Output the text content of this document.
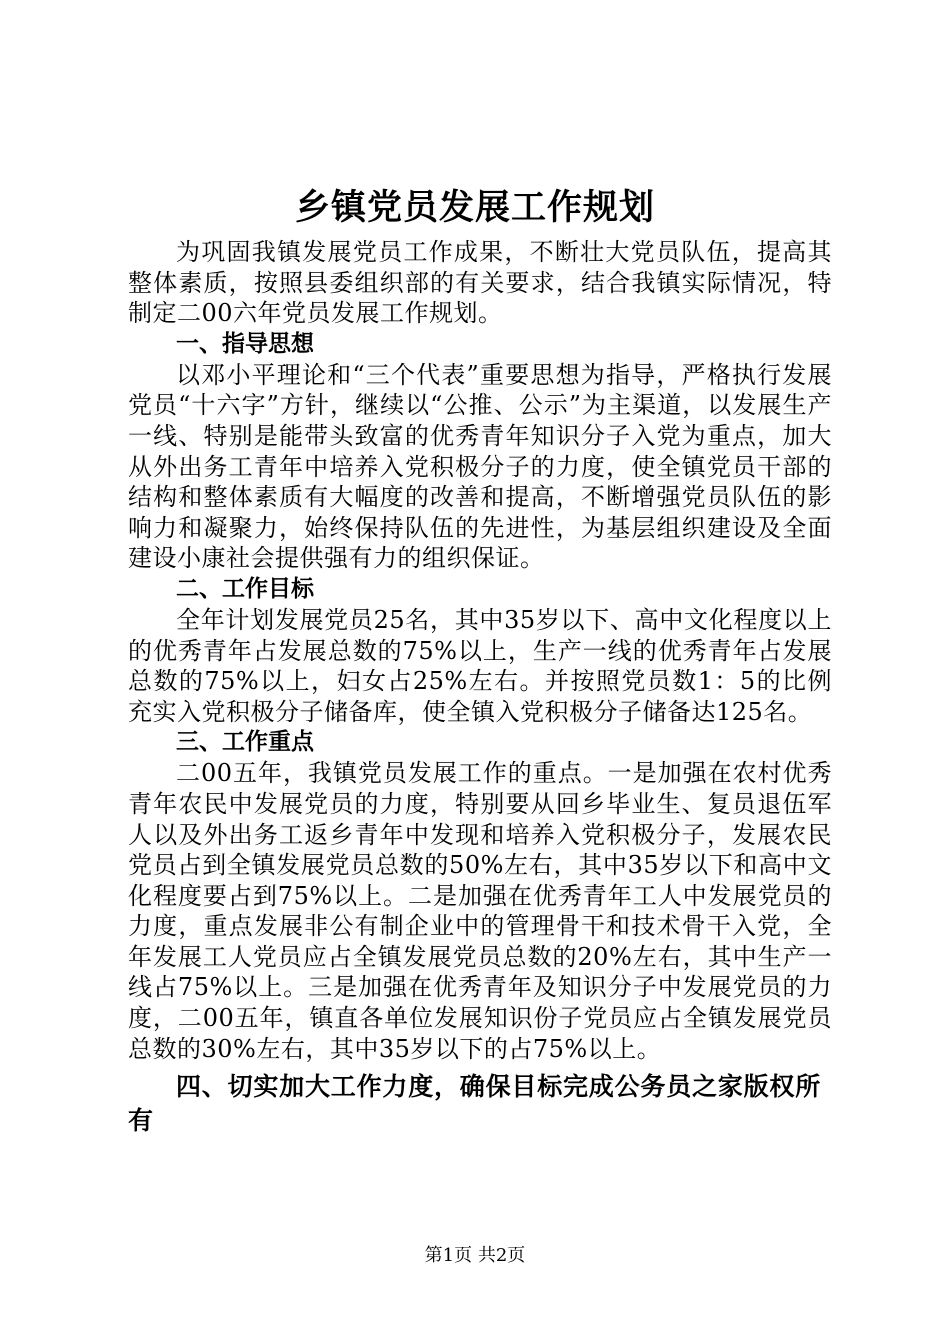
乡镇党员发展工作规划

为巩固我镇发展党员工作成果，不断壮大党员队伍，提高其整体素质，按照县委组织部的有关要求，结合我镇实际情况，特制定二00六年党员发展工作规划。

一、指导思想

以邓小平理论和“三个代表”重要思想为指导，严格执行发展党员“十六字”方针，继续以“公推、公示”为主渠道，以发展生产一线、特别是能带头致富的优秀青年知识分子入党为重点，加大从外出务工青年中培养入党积极分子的力度，使全镇党员干部的结构和整体素质有大幅度的改善和提高，不断增强党员队伍的影响力和凝聚力，始终保持队伍的先进性，为基层组织建设及全面建设小康社会提供强有力的组织保证。

二、工作目标

全年计划发展党员25名，其中35岁以下、高中文化程度以上的优秀青年占发展总数的75%以上，生产一线的优秀青年占发展总数的75%以上，妇女占25%左右。并按照党员数1：5的比例充实入党积极分子储备库，使全镇入党积极分子储备达125名。

三、工作重点

二00五年，我镇党员发展工作的重点。一是加强在农村优秀青年农民中发展党员的力度，特别要从回乡毕业生、复员退伍军人以及外出务工返乡青年中发现和培养入党积极分子，发展农民党员占到全镇发展党员总数的50%左右，其中35岁以下和高中文化程度要占到75%以上。二是加强在优秀青年工人中发展党员的力度，重点发展非公有制企业中的管理骨干和技术骨干入党，全年发展工人党员应占全镇发展党员总数的20%左右，其中生产一线占75%以上。三是加强在优秀青年及知识分子中发展党员的力度，二00五年，镇直各单位发展知识份子党员应占全镇发展党员总数的30%左右，其中35岁以下的占75%以上。

四、切实加大工作力度，确保目标完成公务员之家版权所有

第1页 共2页
